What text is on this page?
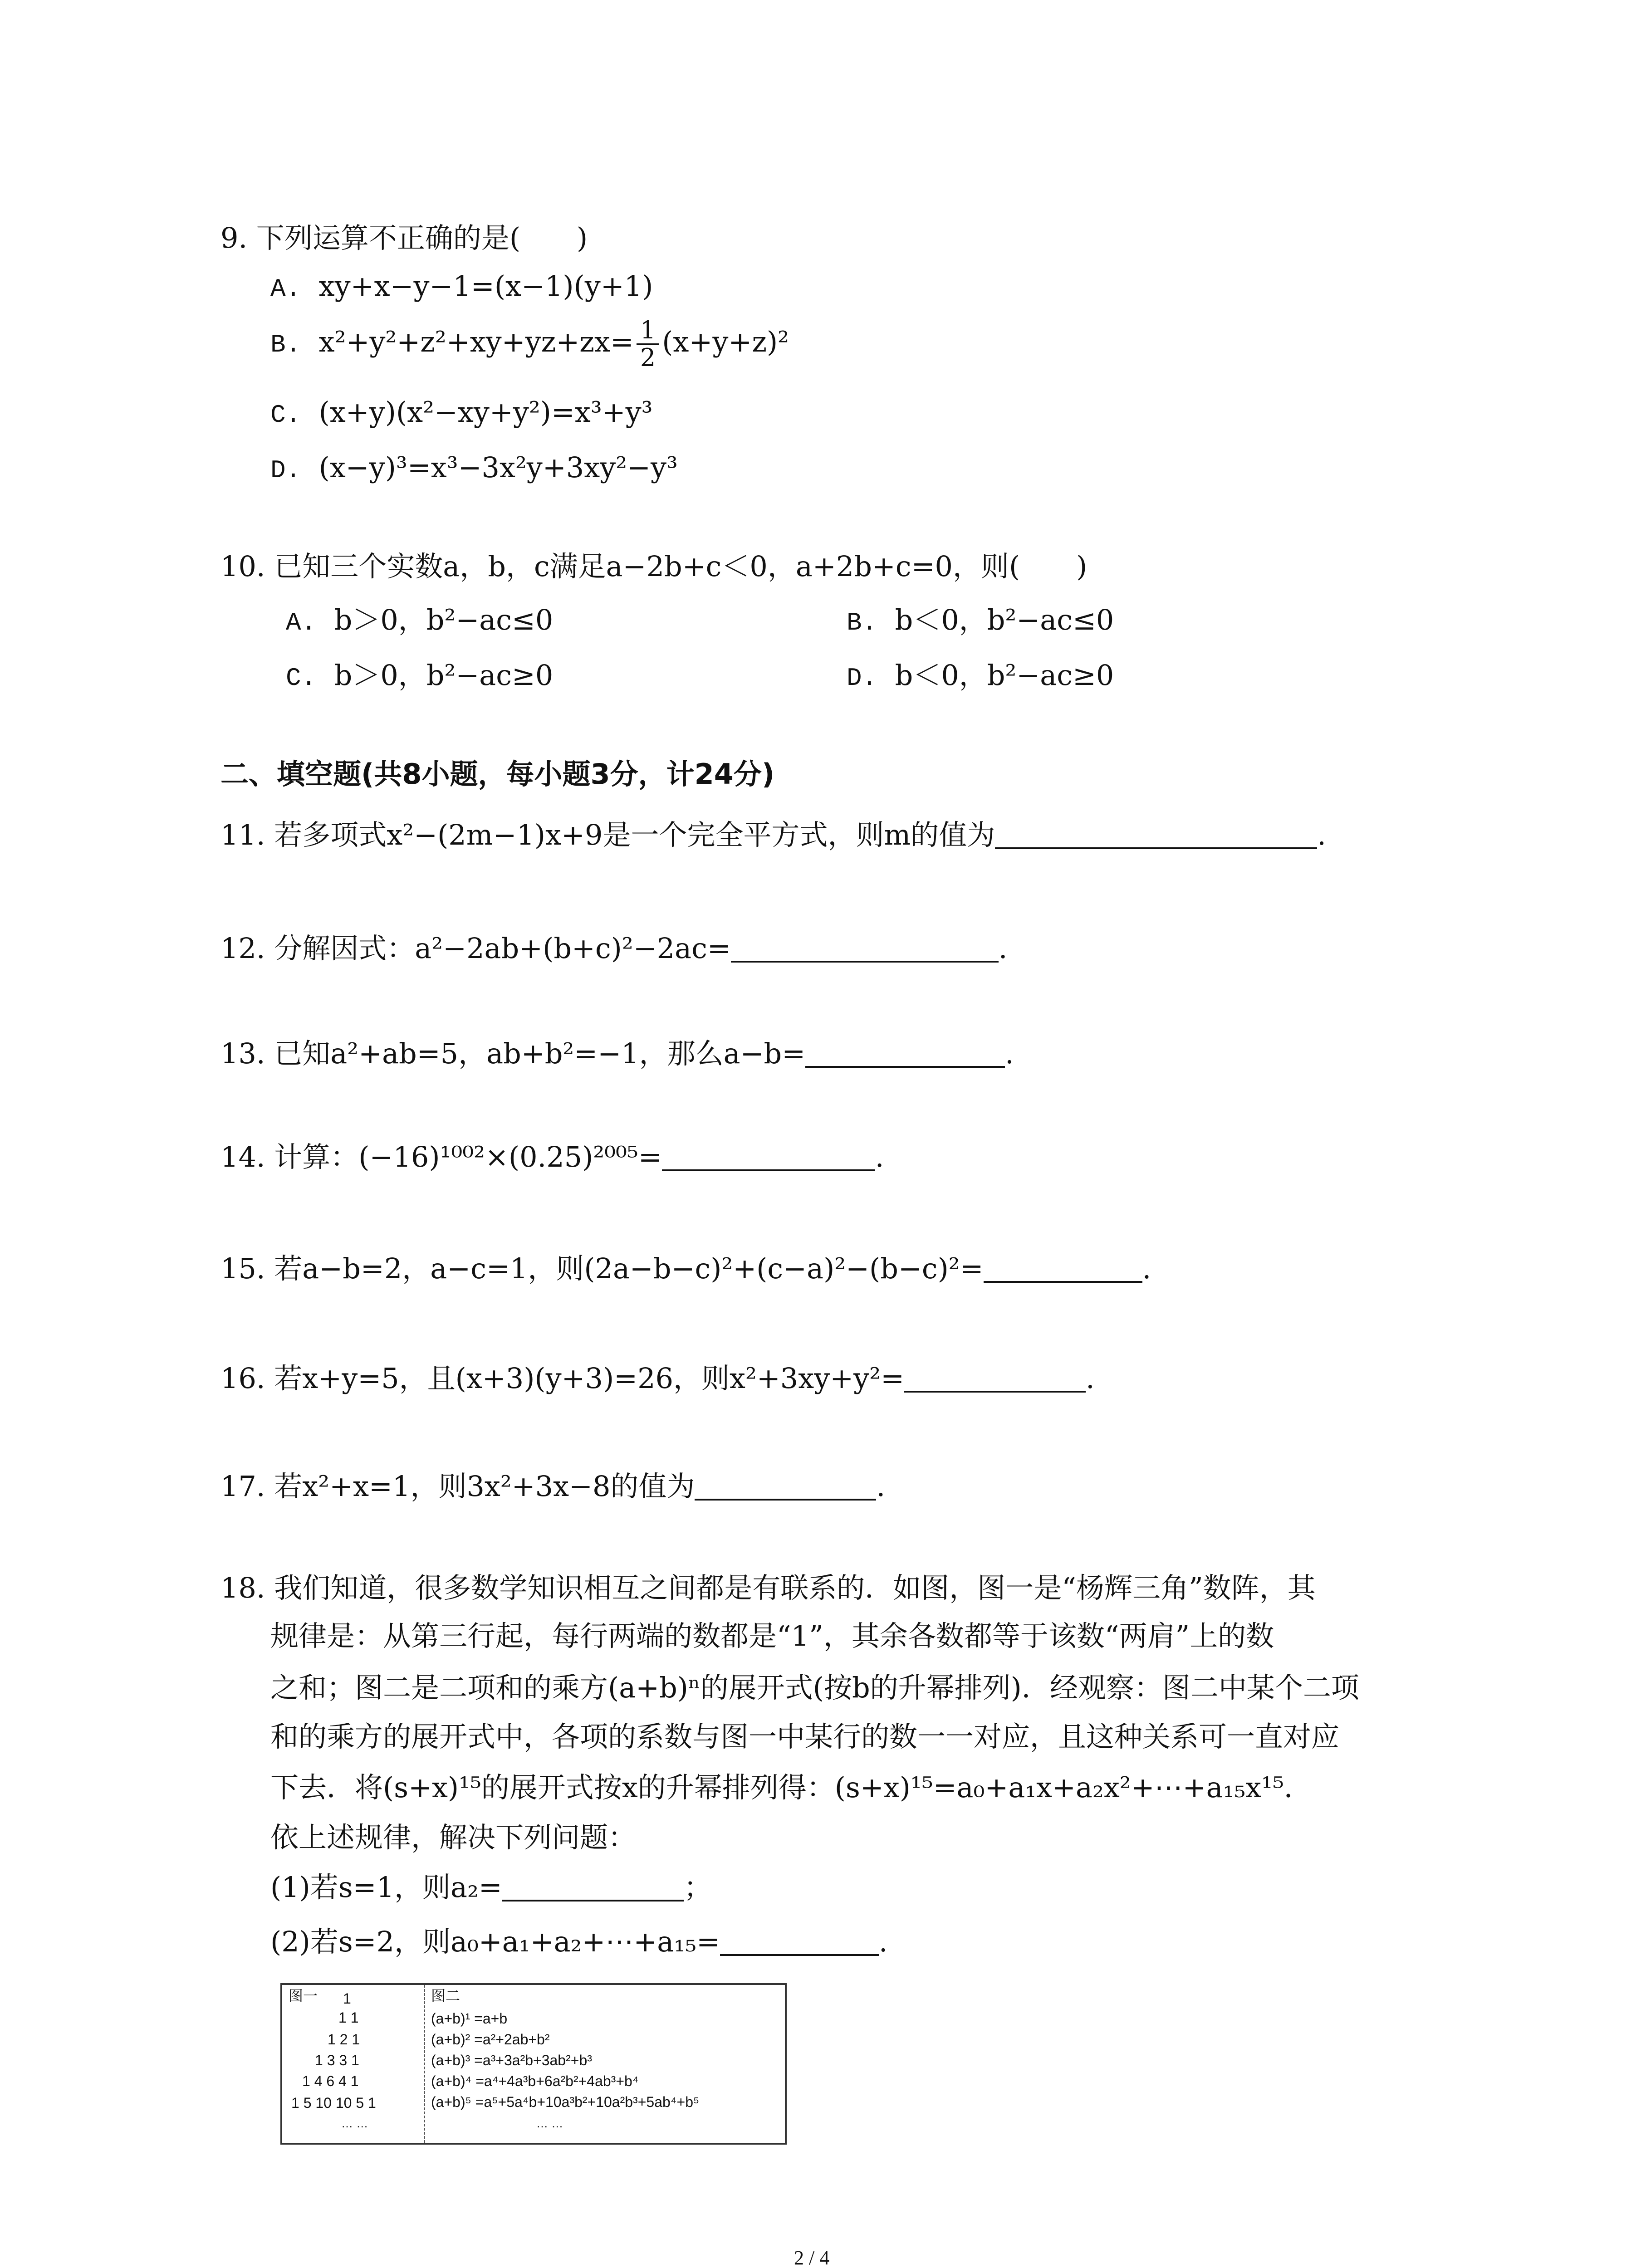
9. 下列运算不正确的是(　　)
A. xy+x−y−1=(x−1)(y+1)
B. $x^2+y^2+z^2+xy+yz+zx= \frac{1}{2} (x+y+z)^2$
C. (x+y)(x²−xy+y²)=x³+y³
D. (x−y)³=x³−3x²y+3xy²−y³
10. 已知三个实数a，b，c满足a−2b+c＜0，a+2b+c=0，则(　　)
A. b＞0，b²−ac≤0	B. b＜0，b²−ac≤0
C. b＞0，b²−ac≥0	D. b＜0，b²−ac≥0
二、填空题(共8小题，每小题3分，计24分)
11. 若多项式x²−(2m−1)x+9是一个完全平方式，则m的值为	.
12. 分解因式：a²−2ab+(b+c)²−2ac=	.
13. 已知a²+ab=5，ab+b²=−1，那么a−b=	.
14. 计算：(−16)¹⁰⁰²×(0.25)²⁰⁰⁵=	.
15. 若a−b=2，a−c=1，则(2a−b−c)²+(c−a)²−(b−c)²=	.
16. 若x+y=5，且(x+3)(y+3)=26，则x²+3xy+y²=	.
17. 若x²+x=1，则3x²+3x−8的值为	.
18. 我们知道，很多数学知识相互之间都是有联系的．如图，图一是“杨辉三角”数阵，其
规律是：从第三行起，每行两端的数都是“1”，其余各数都等于该数“两肩”上的数
之和；图二是二项和的乘方(a+b)ⁿ的展开式(按b的升幂排列)．经观察：图二中某个二项
和的乘方的展开式中，各项的系数与图一中某行的数一一对应，且这种关系可一直对应
下去．将(s+x)¹⁵的展开式按x的升幂排列得：(s+x)¹⁵=a₀+a₁x+a₂x²+⋯+a₁₅x¹⁵．
依上述规律，解决下列问题：
(1)若s=1，则a₂=	；
(2)若s=2，则a₀+a₁+a₂+⋯+a₁₅=	.
图一 1
1 1
1 2 1
1 3 3 1
1 4 6 4 1
1 5 10 10 5 1
… …
图二
(a+b)¹ =a+b
(a+b)² =a²+2ab+b²
(a+b)³ =a³+3a²b+3ab²+b³
(a+b)⁴ =a⁴+4a³b+6a²b²+4ab³+b⁴
(a+b)⁵ =a⁵+5a⁴b+10a³b²+10a²b³+5ab⁴+b⁵
… …
2 / 4
